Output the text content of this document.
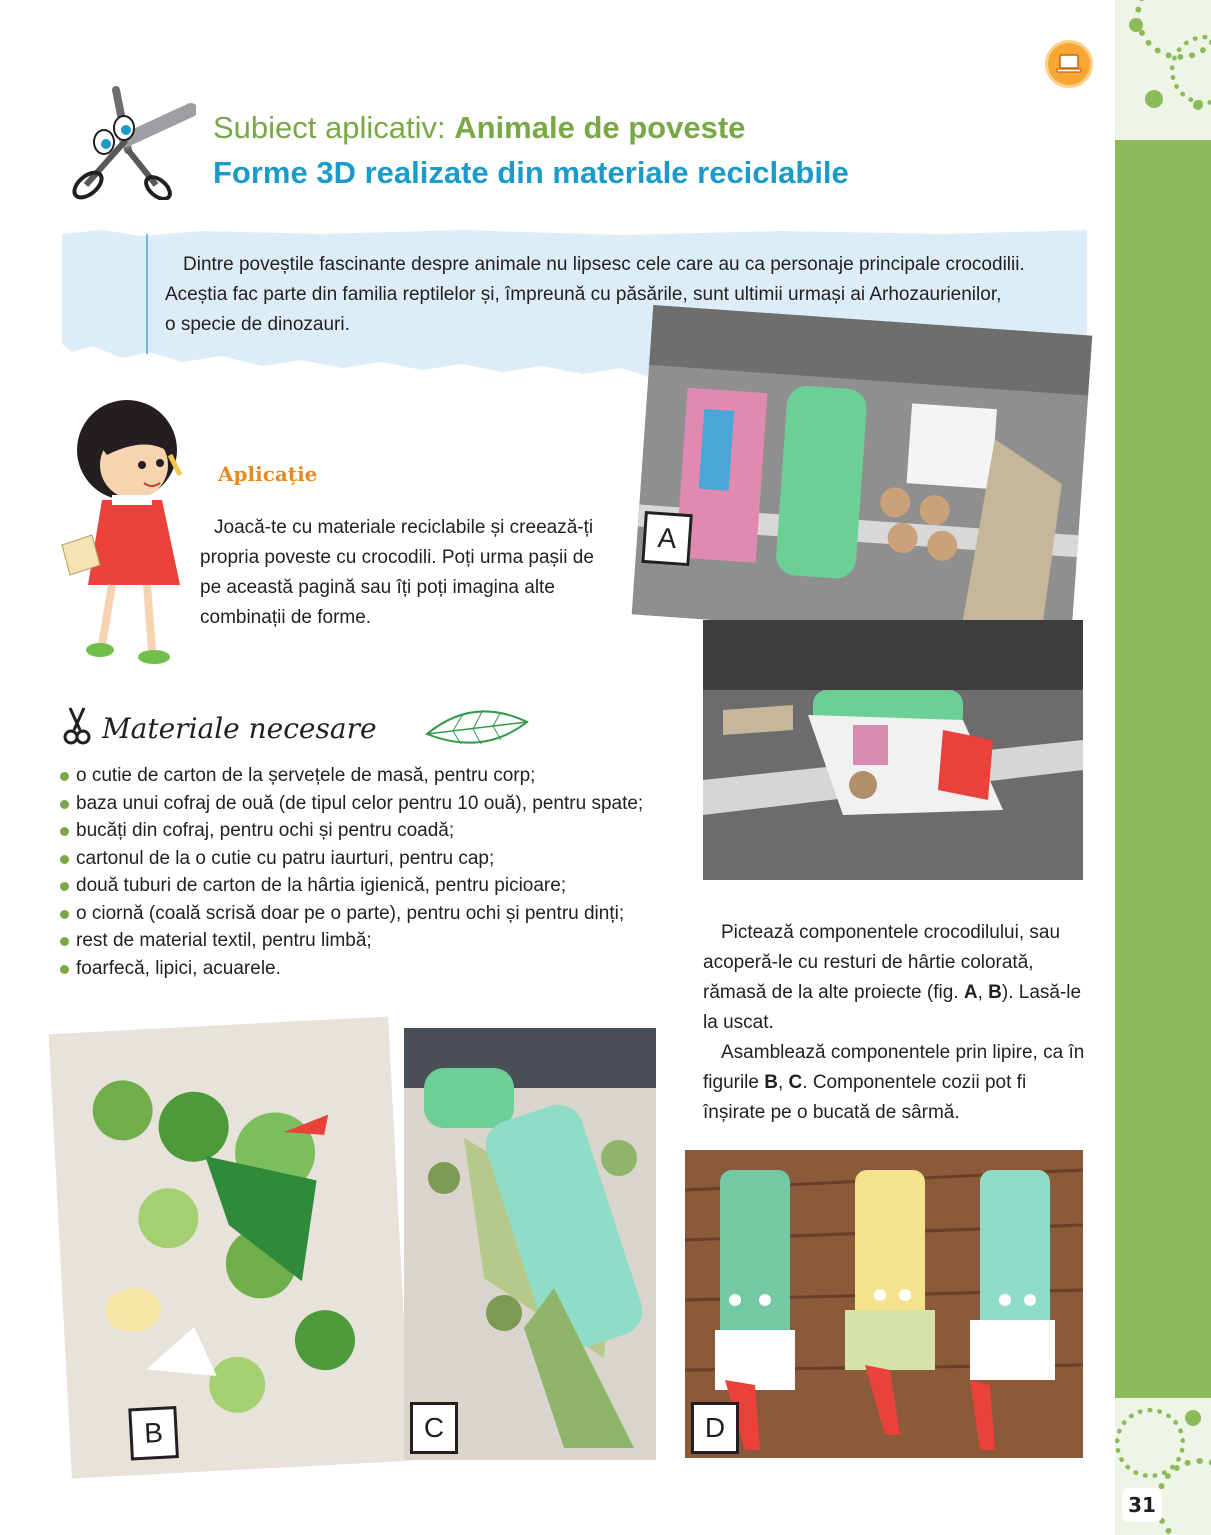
31
Subiect aplicativ: Animale de poveste
Forme 3D realizate din materiale reciclabile
Dintre poveștile fascinante despre animale nu lipsesc cele care au ca personaje principale crocodilii.
Aceștia fac parte din familia reptilelor și, împreună cu păsările, sunt ultimii urmași ai Arhozaurienilor,
o specie de dinozauri.
Aplicație
Joacă-te cu materiale reciclabile și creează-ți propria poveste cu crocodili. Poți urma pașii de pe această pagină sau îți poți imagina alte combinații de forme.
Materiale necesare
o cutie de carton de la șervețele de masă, pentru corp;
baza unui cofraj de ouă (de tipul celor pentru 10 ouă), pentru spate;
bucăți din cofraj, pentru ochi și pentru coadă;
cartonul de la o cutie cu patru iaurturi, pentru cap;
două tuburi de carton de la hârtia igienică, pentru picioare;
o ciornă (coală scrisă doar pe o parte), pentru ochi și pentru dinți;
rest de material textil, pentru limbă;
foarfecă, lipici, acuarele.

Pictează componentele crocodilului, sau acoperă-le cu resturi de hârtie colorată, rămasă de la alte proiecte (fig. A, B). Lasă-le la uscat.

Asamblează componentele prin lipire, ca în figurile B, C. Componentele cozii pot fi înșirate pe o bucată de sârmă.

A
B	C	D
